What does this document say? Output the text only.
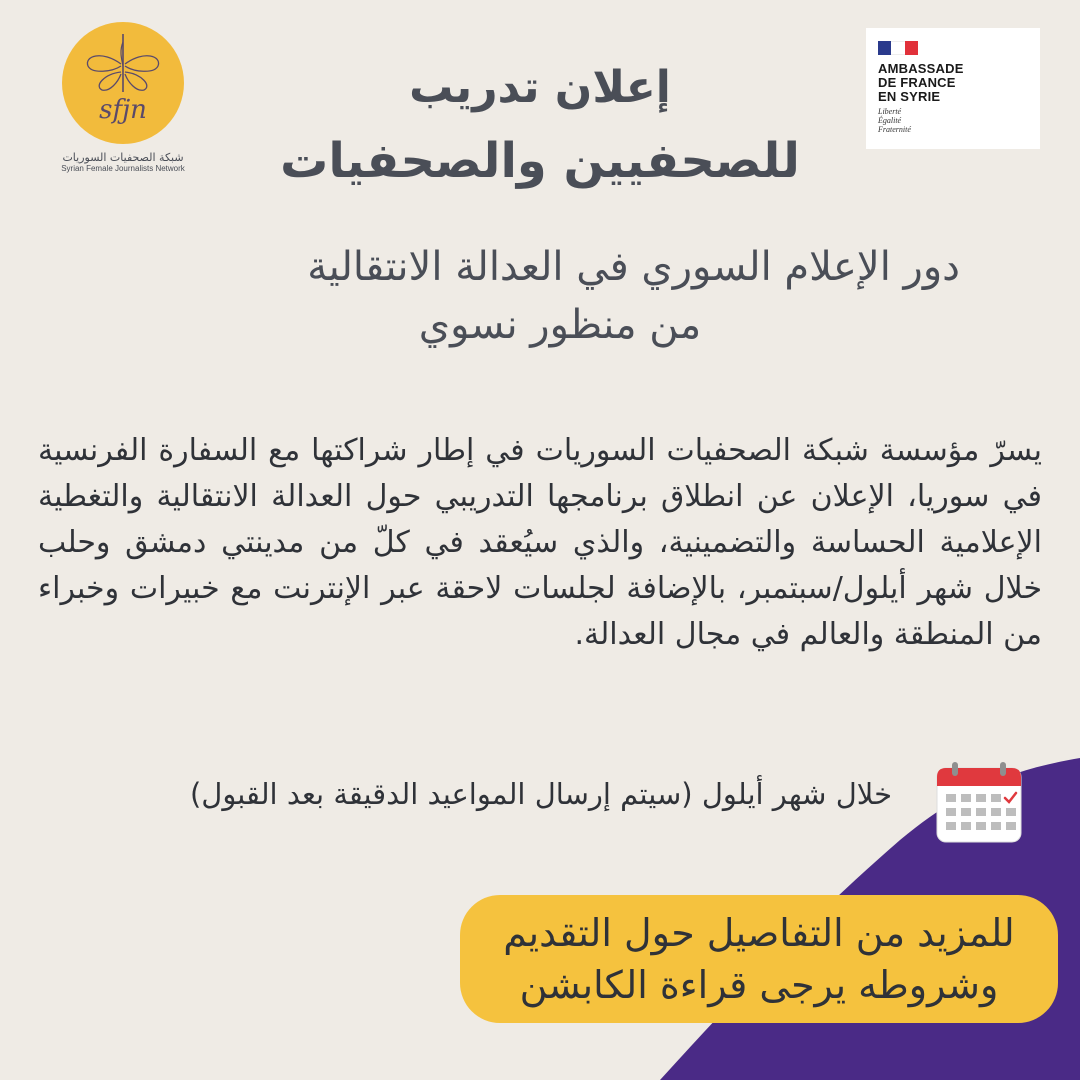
sfjn
شبكة الصحفيات السوريات
Syrian Female Journalists Network
AMBASSADE
DE FRANCE
EN SYRIE
Liberté
Égalité
Fraternité
إعلان تدريب
للصحفيين والصحفيات
دور الإعلام السوري في العدالة الانتقالية
من منظور نسوي
يسرّ مؤسسة شبكة الصحفيات السوريات في إطار شراكتها مع السفارة الفرنسية في سوريا، الإعلان عن انطلاق برنامجها التدريبي حول العدالة الانتقالية والتغطية الإعلامية الحساسة والتضمينية، والذي سيُعقد في كلّ من مدينتي دمشق وحلب خلال شهر أيلول/سبتمبر، بالإضافة لجلسات لاحقة عبر الإنترنت مع خبيرات وخبراء من المنطقة والعالم في مجال العدالة.
خلال شهر أيلول (سيتم إرسال المواعيد الدقيقة بعد القبول)
للمزيد من التفاصيل حول التقديم
وشروطه يرجى قراءة الكابشن
